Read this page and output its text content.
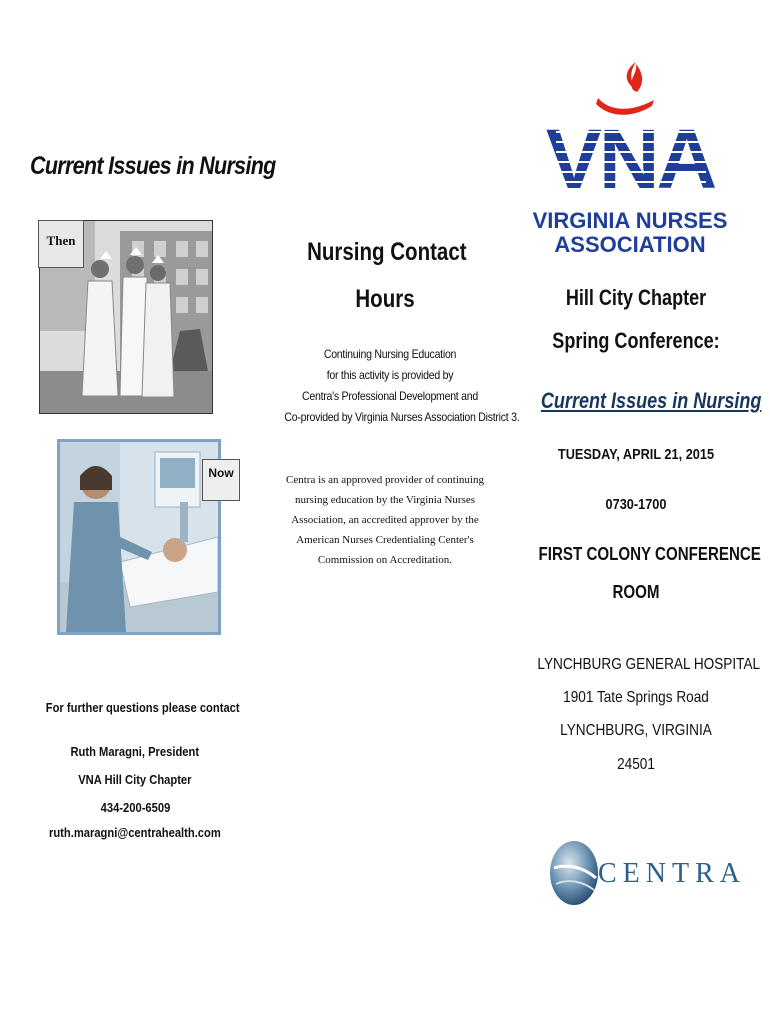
Current Issues in Nursing
Then
Now
For further questions please contact
Ruth Maragni, President
VNA Hill City Chapter
434-200-6509
ruth.maragni@centrahealth.com
Nursing Contact
Hours
Continuing Nursing Education
for this activity is provided by
Centra's Professional Development and
Co-provided by Virginia Nurses Association District 3.
Centra is an approved provider of continuing
nursing education by the Virginia Nurses
Association, an accredited approver by the
American Nurses Credentialing Center's
Commission on Accreditation.
VNA
VIRGINIA NURSES
ASSOCIATION
Hill City Chapter
Spring Conference:
Current Issues in Nursing
TUESDAY, APRIL 21, 2015
0730-1700
FIRST COLONY CONFERENCE
ROOM
LYNCHBURG GENERAL HOSPITAL
1901 Tate Springs Road
LYNCHBURG, VIRGINIA
24501
CENTRA
